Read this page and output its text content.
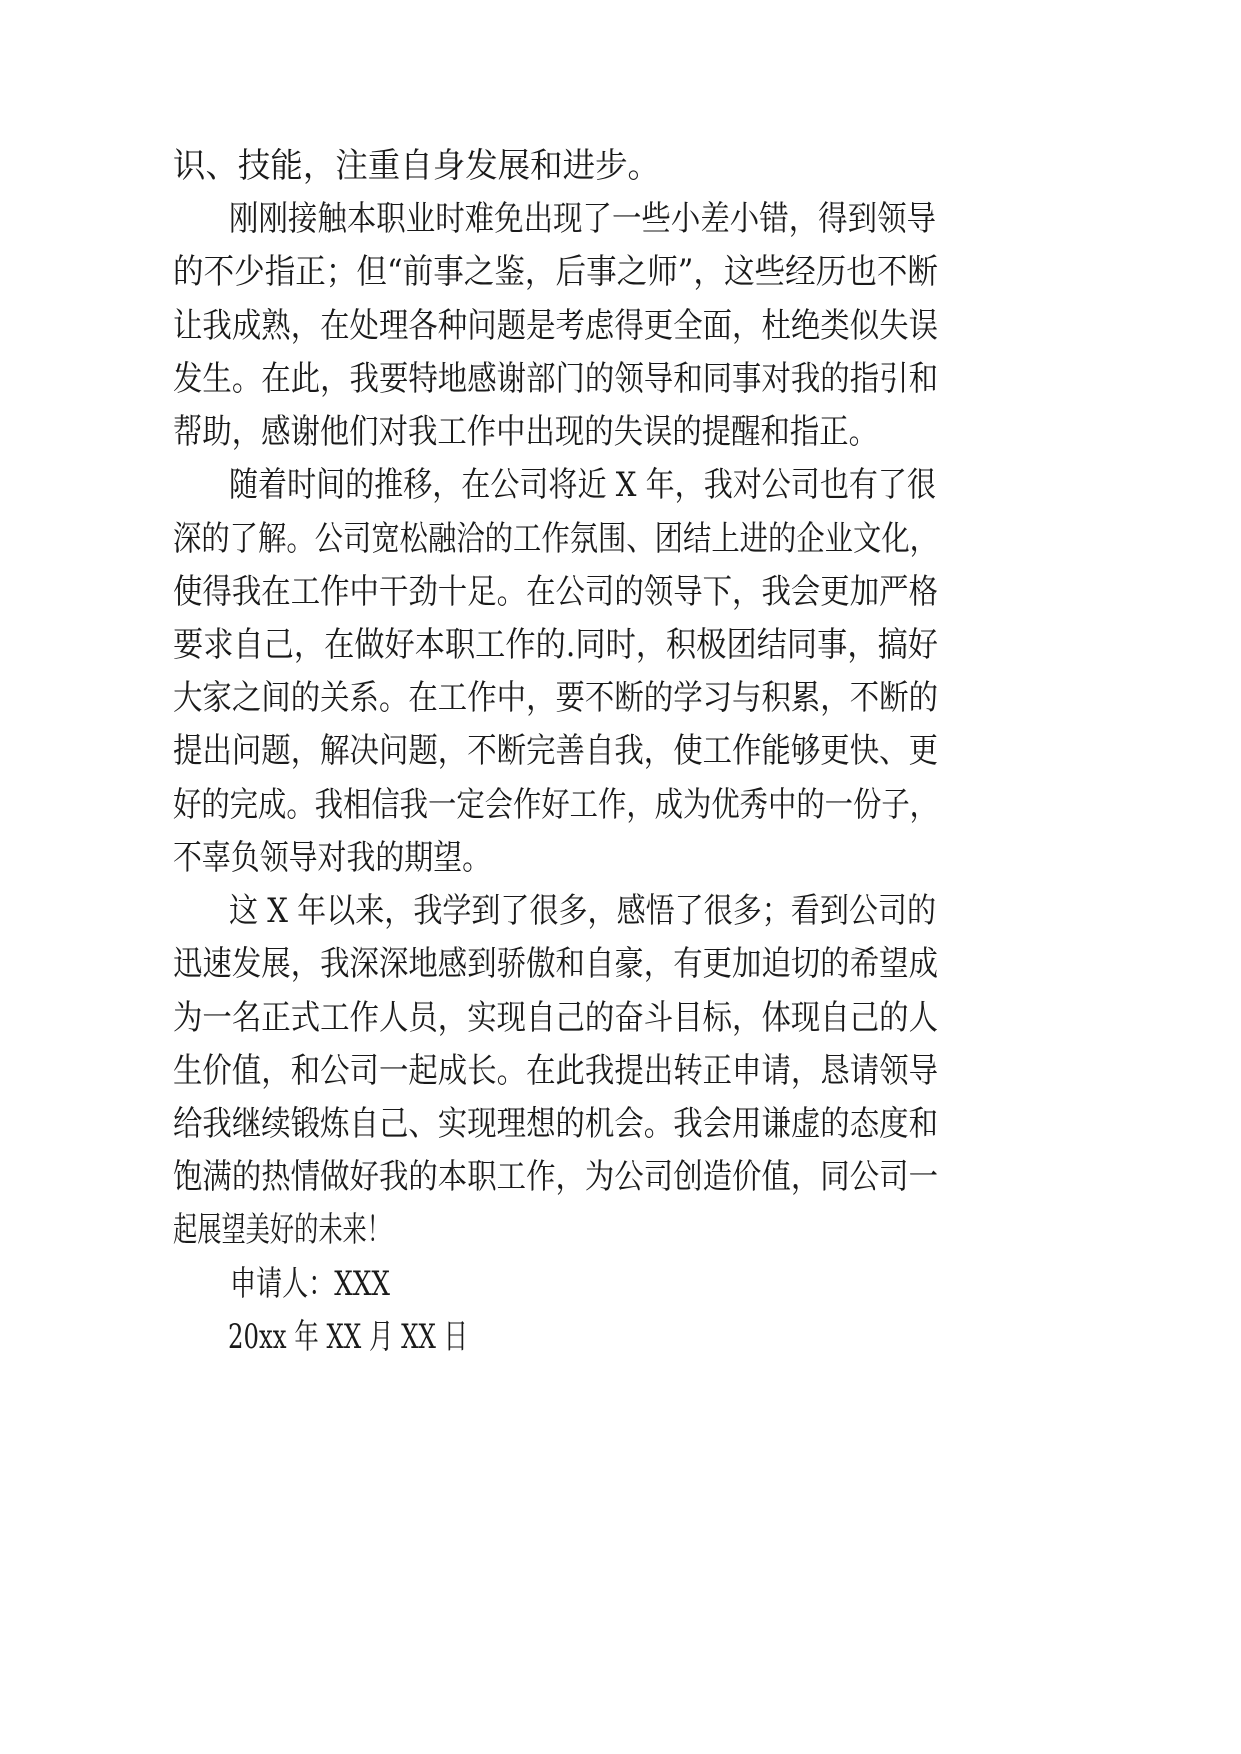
识、技能，注重自身发展和进步。
刚刚接触本职业时难免出现了一些小差小错，得到领导
的不少指正；但“前事之鉴，后事之师”，这些经历也不断
让我成熟，在处理各种问题是考虑得更全面，杜绝类似失误
发生。在此，我要特地感谢部门的领导和同事对我的指引和
帮助，感谢他们对我工作中出现的失误的提醒和指正。
随着时间的推移，在公司将近 X 年，我对公司也有了很
深的了解。公司宽松融洽的工作氛围、团结上进的企业文化，
使得我在工作中干劲十足。在公司的领导下，我会更加严格
要求自己，在做好本职工作的.同时，积极团结同事，搞好
大家之间的关系。在工作中，要不断的学习与积累，不断的
提出问题，解决问题，不断完善自我，使工作能够更快、更
好的完成。我相信我一定会作好工作，成为优秀中的一份子，
不辜负领导对我的期望。
这 X 年以来，我学到了很多，感悟了很多；看到公司的
迅速发展，我深深地感到骄傲和自豪，有更加迫切的希望成
为一名正式工作人员，实现自己的奋斗目标，体现自己的人
生价值，和公司一起成长。在此我提出转正申请，恳请领导
给我继续锻炼自己、实现理想的机会。我会用谦虚的态度和
饱满的热情做好我的本职工作，为公司创造价值，同公司一
起展望美好的未来！
申请人：XXX
20xx 年 XX 月 XX 日
